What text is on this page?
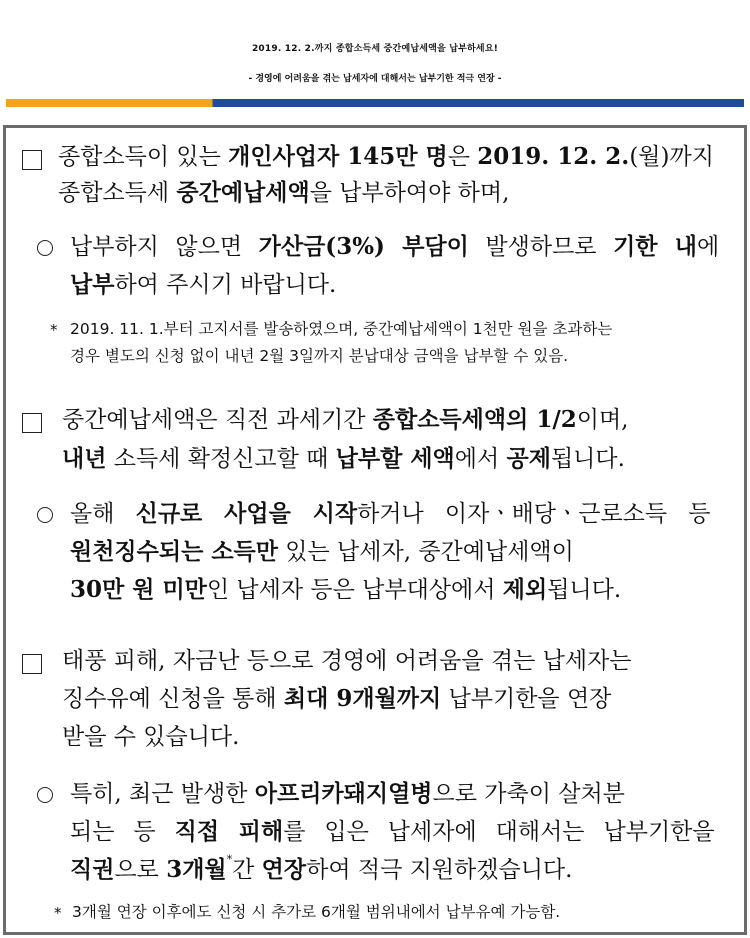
2019. 12. 2.까지 종합소득세 중간예납세액을 납부하세요!
- 경영에 어려움을 겪는 납세자에 대해서는 납부기한 적극 연장 -
종합소득이 있는 개인사업자 145만 명은 2019. 12. 2.(월)까지
종합소득세 중간예납세액을 납부하여야 하며,
납부하지 않으면 가산금(3%) 부담이 발생하므로 기한 내에
납부하여 주시기 바랍니다.
* 2019. 11. 1.부터 고지서를 발송하였으며, 중간예납세액이 1천만 원을 초과하는
경우 별도의 신청 없이 내년 2월 3일까지 분납대상 금액을 납부할 수 있음.
중간예납세액은 직전 과세기간 종합소득세액의 1/2이며,
내년 소득세 확정신고할 때 납부할 세액에서 공제됩니다.
올해 신규로 사업을 시작하거나 이자ㆍ배당ㆍ근로소득 등
원천징수되는 소득만 있는 납세자, 중간예납세액이
30만 원 미만인 납세자 등은 납부대상에서 제외됩니다.
태풍 피해, 자금난 등으로 경영에 어려움을 겪는 납세자는
징수유예 신청을 통해 최대 9개월까지 납부기한을 연장
받을 수 있습니다.
특히, 최근 발생한 아프리카돼지열병으로 가축이 살처분
되는 등 직접 피해를 입은 납세자에 대해서는 납부기한을
직권으로 3개월*간 연장하여 적극 지원하겠습니다.
* 3개월 연장 이후에도 신청 시 추가로 6개월 범위내에서 납부유예 가능함.
